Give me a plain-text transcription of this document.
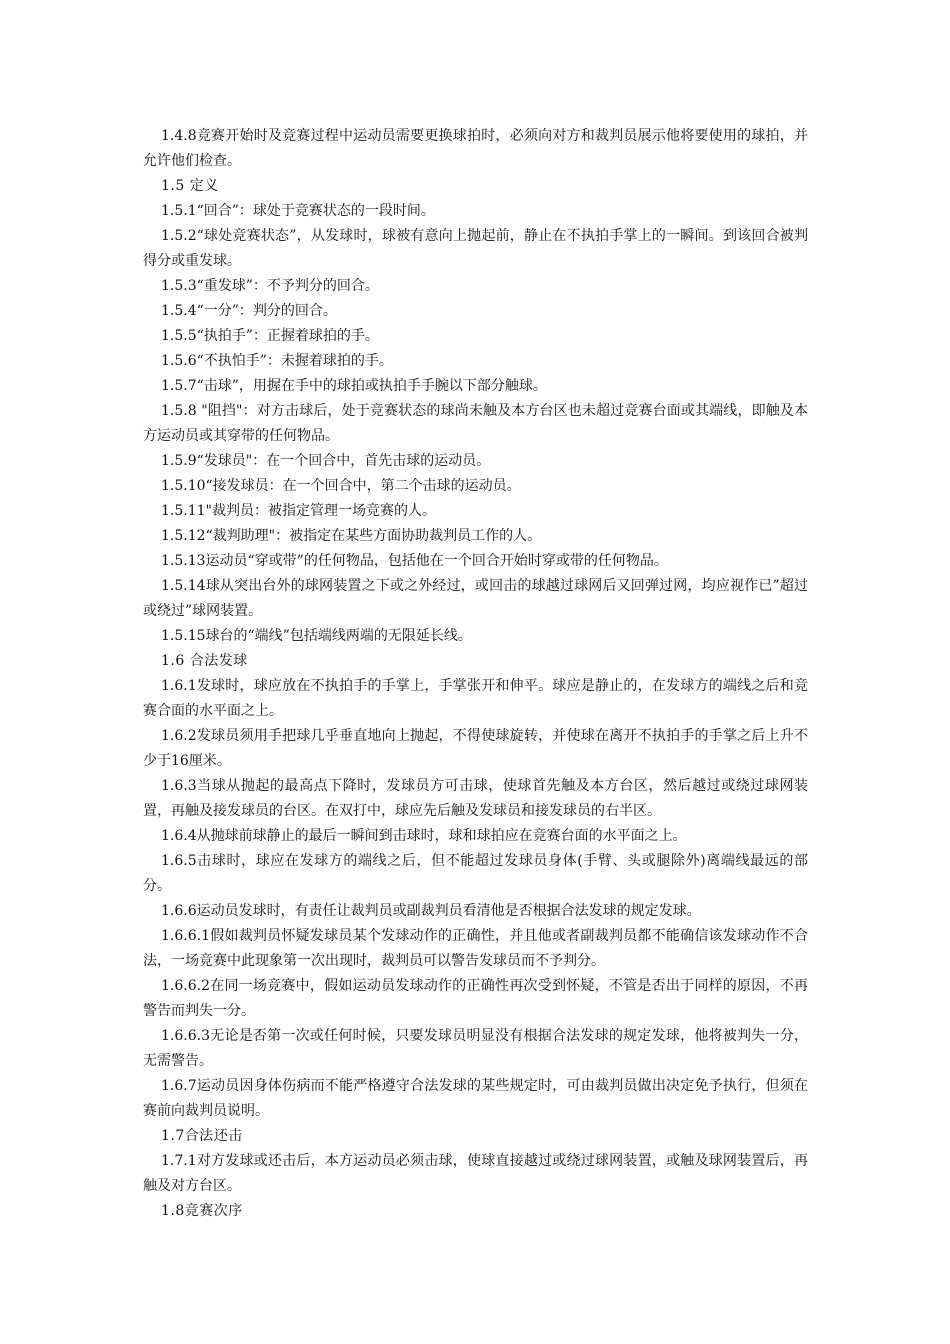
1.4.8竞赛开始时及竞赛过程中运动员需要更换球拍时，必须向对方和裁判员展示他将要使用的球拍，并允许他们检查。

1.5 定义

1.5.1“回合”：球处于竞赛状态的一段时间。

1.5.2“球处竞赛状态”，从发球时，球被有意向上抛起前，静止在不执拍手掌上的一瞬间。到该回合被判得分或重发球。

1.5.3“重发球”：不予判分的回合。

1.5.4“一分”：判分的回合。

1.5.5“执拍手”：正握着球拍的手。

1.5.6“不执怕手”：未握着球拍的手。

1.5.7“击球”，用握在手中的球拍或执拍手手腕以下部分触球。

1.5.8 "阻挡"：对方击球后，处于竞赛状态的球尚未触及本方台区也未超过竞赛台面或其端线，即触及本方运动员或其穿带的任何物品。

1.5.9“发球员"：在一个回合中，首先击球的运动员。

1.5.10“接发球员：在一个回合中，第二个击球的运动员。

1.5.11"裁判员：被指定管理一场竞赛的人。

1.5.12“裁判助理"：被指定在某些方面协助裁判员工作的人。

1.5.13运动员“穿或带”的任何物品，包括他在一个回合开始时穿或带的任何物品。

1.5.14球从突出台外的球网装置之下或之外经过，或回击的球越过球网后又回弹过网，均应视作已”超过或绕过”球网装置。

1.5.15球台的“端线”包括端线两端的无限延长线。

1.6 合法发球

1.6.1发球时，球应放在不执拍手的手掌上，手掌张开和伸平。球应是静止的，在发球方的端线之后和竞赛合面的水平面之上。

1.6.2发球员须用手把球几乎垂直地向上抛起，不得使球旋转，并使球在离开不执拍手的手掌之后上升不少于16厘米。

1.6.3当球从抛起的最高点下降时，发球员方可击球，使球首先触及本方台区，然后越过或绕过球网装置，再触及接发球员的台区。在双打中，球应先后触及发球员和接发球员的右半区。

1.6.4从抛球前球静止的最后一瞬间到击球时，球和球拍应在竞赛台面的水平面之上。

1.6.5击球时，球应在发球方的端线之后，但不能超过发球员身体(手臂、头或腿除外)离端线最远的部分。

1.6.6运动员发球时，有责任让裁判员或副裁判员看清他是否根据合法发球的规定发球。

1.6.6.1假如裁判员怀疑发球员某个发球动作的正确性，并且他或者副裁判员都不能确信该发球动作不合法，一场竞赛中此现象第一次出现时，裁判员可以警告发球员而不予判分。

1.6.6.2在同一场竞赛中，假如运动员发球动作的正确性再次受到怀疑，不管是否出于同样的原因，不再警告而判失一分。

1.6.6.3无论是否第一次或任何时候，只要发球员明显没有根据合法发球的规定发球，他将被判失一分，无需警告。

1.6.7运动员因身体伤病而不能严格遵守合法发球的某些规定时，可由裁判员做出决定免予执行，但须在赛前向裁判员说明。

1.7合法还击

1.7.1对方发球或还击后，本方运动员必须击球，使球直接越过或绕过球网装置，或触及球网装置后，再触及对方台区。

1.8竞赛次序
